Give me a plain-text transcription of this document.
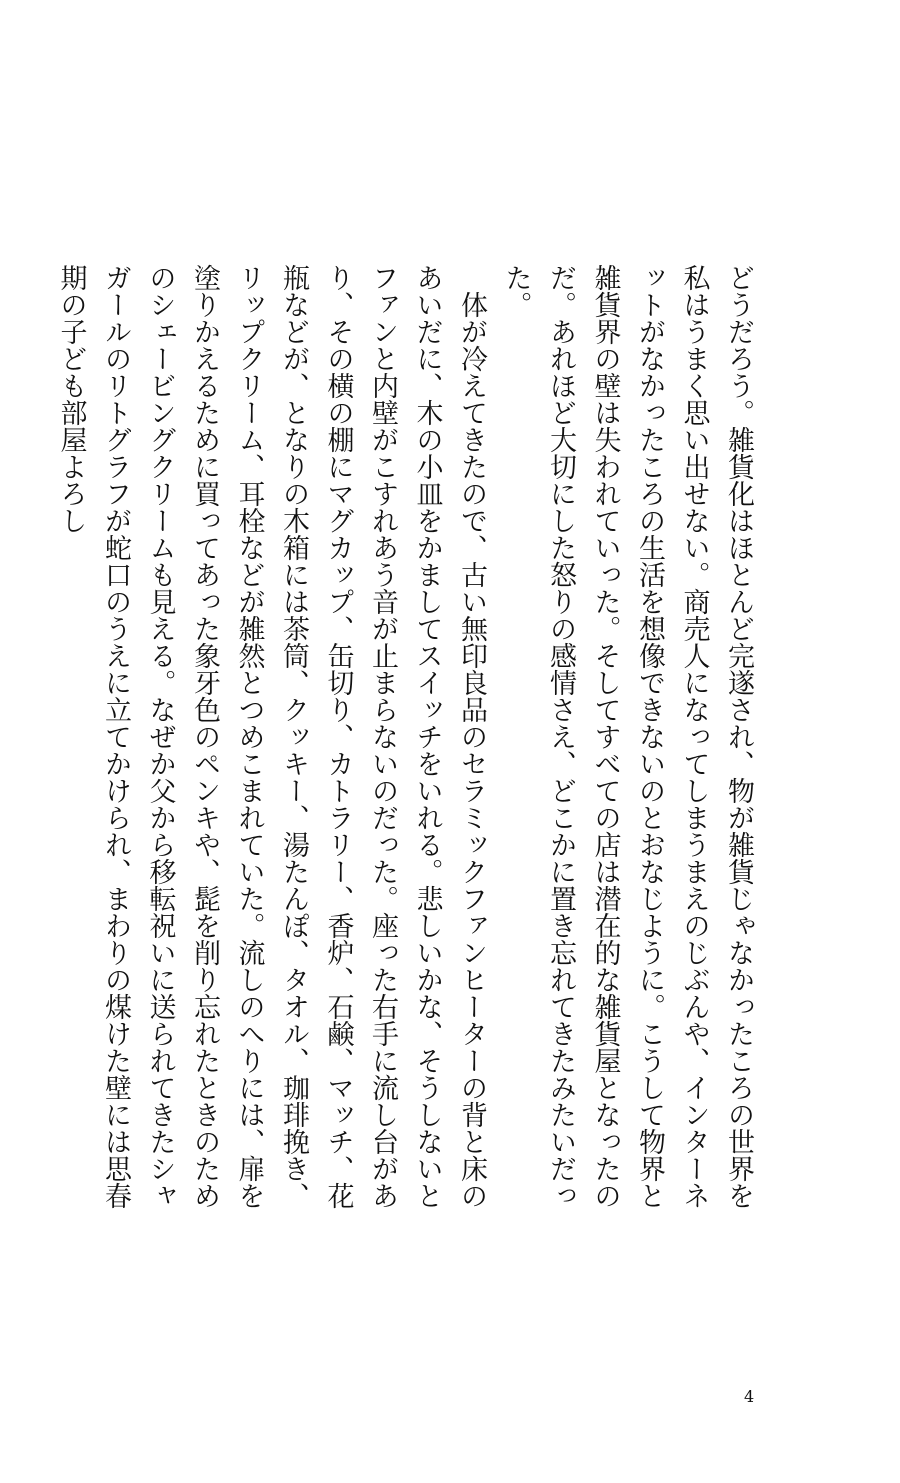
どうだろう。雑貨化はほとんど完遂され、物が雑貨じゃなかったころの世界を私はうまく思い出せない。商売人になってしまうまえのじぶんや、インターネットがなかったころの生活を想像できないのとおなじように。こうして物界と雑貨界の壁は失われていった。そしてすべての店は潜在的な雑貨屋となったのだ。あれほど大切にした怒りの感情さえ、どこかに置き忘れてきたみたいだった。

体が冷えてきたので、古い無印良品のセラミックファンヒーターの背と床のあいだに、木の小皿をかましてスイッチをいれる。悲しいかな、そうしないとファンと内壁がこすれあう音が止まらないのだった。座った右手に流し台があり、その横の棚にマグカップ、缶切り、カトラリー、香炉、石鹸、マッチ、花瓶などが、となりの木箱には茶筒、クッキー、湯たんぽ、タオル、珈琲挽き、リップクリーム、耳栓などが雑然とつめこまれていた。流しのへりには、扉を塗りかえるために買ってあった象牙色のペンキや、髭を削り忘れたときのためのシェービングクリームも見える。なぜか父から移転祝いに送られてきたシャガールのリトグラフが蛇口のうえに立てかけられ、まわりの煤けた壁には思春期の子ども部屋よろし

4
